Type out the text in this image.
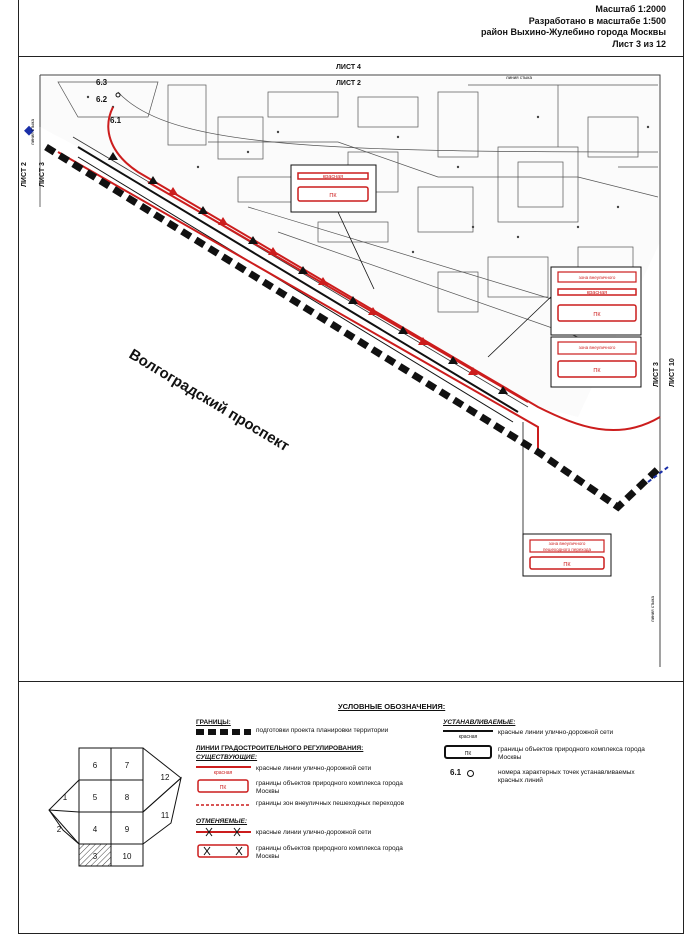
Масштаб 1:2000
Разработано в масштабе 1:500
район Выхино-Жулебино города Москвы
Лист 3 из 12
красная
ПК
красная
ПК
зона внеуличного
зона внеуличного
ПК
зона внеуличного
пешеходного перехода
ПК
6.3
6.2
6.1
Волгоградский проспект
ЛИСТ 4
ЛИСТ 2
ЛИСТ 2 ЛИСТ 3
ЛИСТ 3 ЛИСТ 10
линия стыка
линия стыка
линия стыка
УСЛОВНЫЕ ОБОЗНАЧЕНИЯ:
ГРАНИЦЫ:
подготовки проекта планировки территории
ЛИНИИ ГРАДОСТРОИТЕЛЬНОГО РЕГУЛИРОВАНИЯ:
СУЩЕСТВУЮЩИЕ:
красная
красные линии улично-дорожной сети
ПК
границы объектов природного комплекса города Москвы
границы зон внеуличных пешеходных переходов
ОТМЕНЯЕМЫЕ:
красные линии улично-дорожной сети
границы объектов природного комплекса города Москвы
УСТАНАВЛИВАЕМЫЕ:
красная
красные линии улично-дорожной сети
ПК
границы объектов природного комплекса города Москвы
6.1	номера характерных точек устанавливаемых красных линий
1
2
3
4
5
6	7
8
9
10
11
12
